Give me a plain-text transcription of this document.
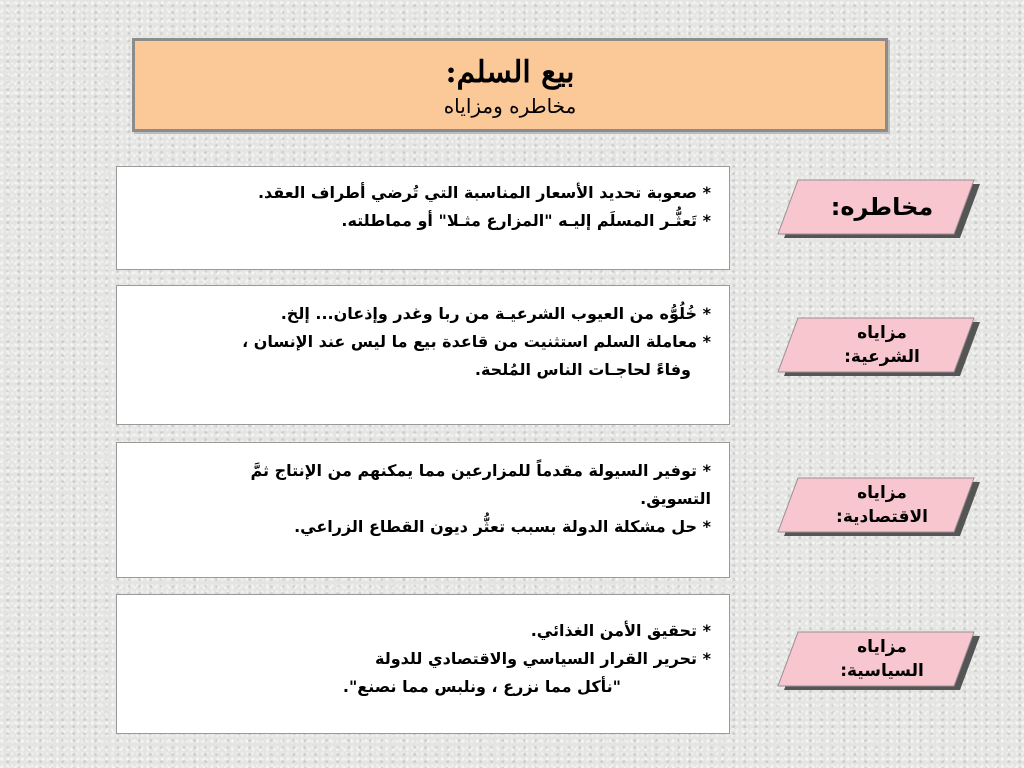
بيع السلم:
مخاطره ومزاياه
* صعوبة تحديد الأسعار المناسبة التي تُرضي أطراف العقد.
* تَعثُّـر المسلَم إليـه "المزارع مثـلا" أو مماطلته.	مخاطره:
* خُلُوُّه من العيوب الشرعيـة من ربا وغدر وإذعان... إلخ.
* معاملة السلم استثنيت من قاعدة بيع ما ليس عند الإنسان ،
وفاءً لحاجـات الناس المُلحة.
مزاياه
الشرعية:
* توفير السيولة مقدماً للمزارعين مما يمكنهم من الإنتاج ثمَّ
التسويق.
* حل مشكلة الدولة بسبب تعثُّر ديون القطاع الزراعي.
مزاياه
الاقتصادية:
* تحقيق الأمن الغذائي.
* تحرير القرار السياسي والاقتصادي للدولة
"نأكل مما نزرع ، ونلبس مما نصنع".
مزاياه
السياسية:
